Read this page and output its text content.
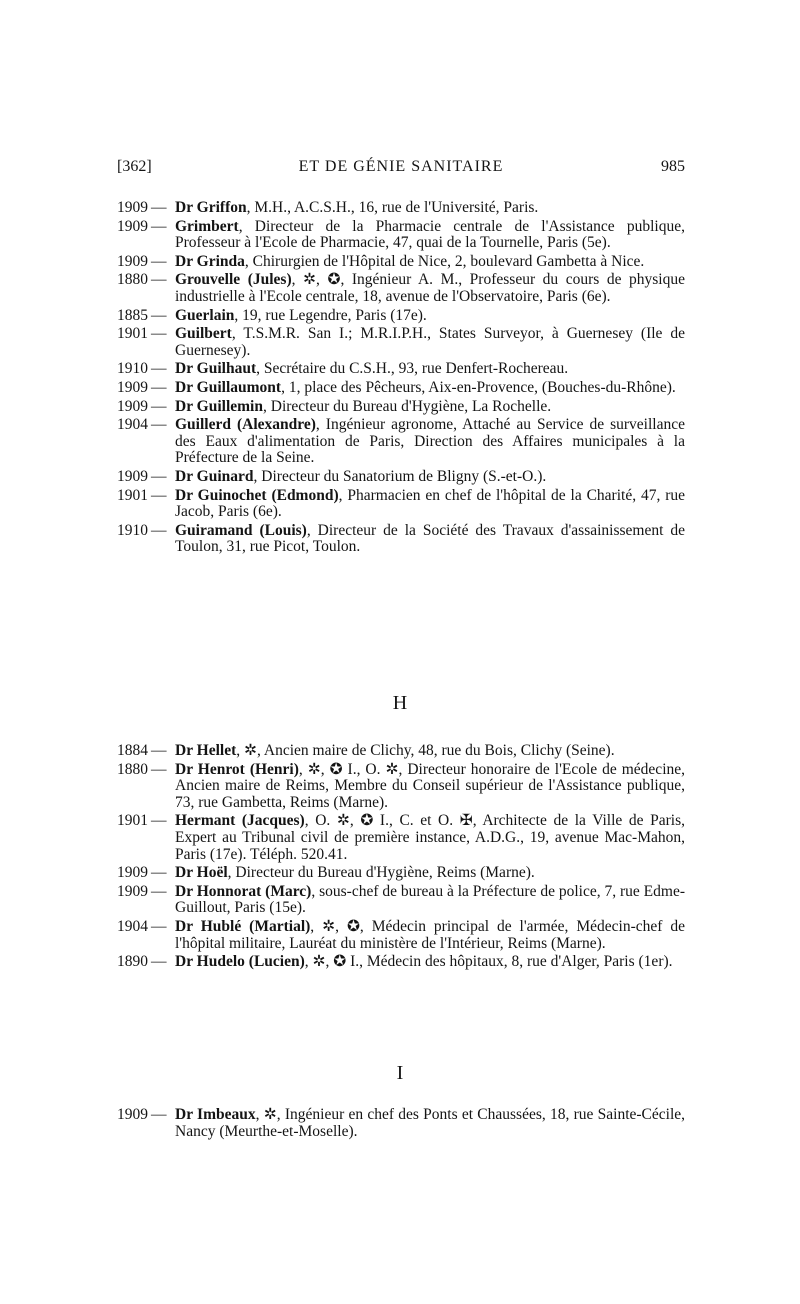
[362]	ET DE GÉNIE SANITAIRE	985
1909 — Dr Griffon, M.H., A.C.S.H., 16, rue de l'Université, Paris.
1909 — Grimbert, Directeur de la Pharmacie centrale de l'Assistance publique, Professeur à l'Ecole de Pharmacie, 47, quai de la Tournelle, Paris (5e).
1909 — Dr Grinda, Chirurgien de l'Hôpital de Nice, 2, boulevard Gambetta à Nice.
1880 — Grouvelle (Jules), ✲, ✪, Ingénieur A. M., Professeur du cours de physique industrielle à l'Ecole centrale, 18, avenue de l'Observatoire, Paris (6e).
1885 — Guerlain, 19, rue Legendre, Paris (17e).
1901 — Guilbert, T.S.M.R. San I.; M.R.I.P.H., States Surveyor, à Guernesey (Ile de Guernesey).
1910 — Dr Guilhaut, Secrétaire du C.S.H., 93, rue Denfert-Rochereau.
1909 — Dr Guillaumont, 1, place des Pêcheurs, Aix-en-Provence, (Bouches-du-Rhône).
1909 — Dr Guillemin, Directeur du Bureau d'Hygiène, La Rochelle.
1904 — Guillerd (Alexandre), Ingénieur agronome, Attaché au Service de surveillance des Eaux d'alimentation de Paris, Direction des Affaires municipales à la Préfecture de la Seine.
1909 — Dr Guinard, Directeur du Sanatorium de Bligny (S.-et-O.).
1901 — Dr Guinochet (Edmond), Pharmacien en chef de l'hôpital de la Charité, 47, rue Jacob, Paris (6e).
1910 — Guiramand (Louis), Directeur de la Société des Travaux d'assainissement de Toulon, 31, rue Picot, Toulon.
H
1884 — Dr Hellet, ✲, Ancien maire de Clichy, 48, rue du Bois, Clichy (Seine).
1880 — Dr Henrot (Henri), ✲, ✪ I., O. ✲, Directeur honoraire de l'Ecole de médecine, Ancien maire de Reims, Membre du Conseil supérieur de l'Assistance publique, 73, rue Gambetta, Reims (Marne).
1901 — Hermant (Jacques), O. ✲, ✪ I., C. et O. ✠, Architecte de la Ville de Paris, Expert au Tribunal civil de première instance, A.D.G., 19, avenue Mac-Mahon, Paris (17e). Téléph. 520.41.
1909 — Dr Hoël, Directeur du Bureau d'Hygiène, Reims (Marne).
1909 — Dr Honnorat (Marc), sous-chef de bureau à la Préfecture de police, 7, rue Edme-Guillout, Paris (15e).
1904 — Dr Hublé (Martial), ✲, ✪, Médecin principal de l'armée, Médecin-chef de l'hôpital militaire, Lauréat du ministère de l'Intérieur, Reims (Marne).
1890 — Dr Hudelo (Lucien), ✲, ✪ I., Médecin des hôpitaux, 8, rue d'Alger, Paris (1er).
I
1909 — Dr Imbeaux, ✲, Ingénieur en chef des Ponts et Chaussées, 18, rue Sainte-Cécile, Nancy (Meurthe-et-Moselle).
